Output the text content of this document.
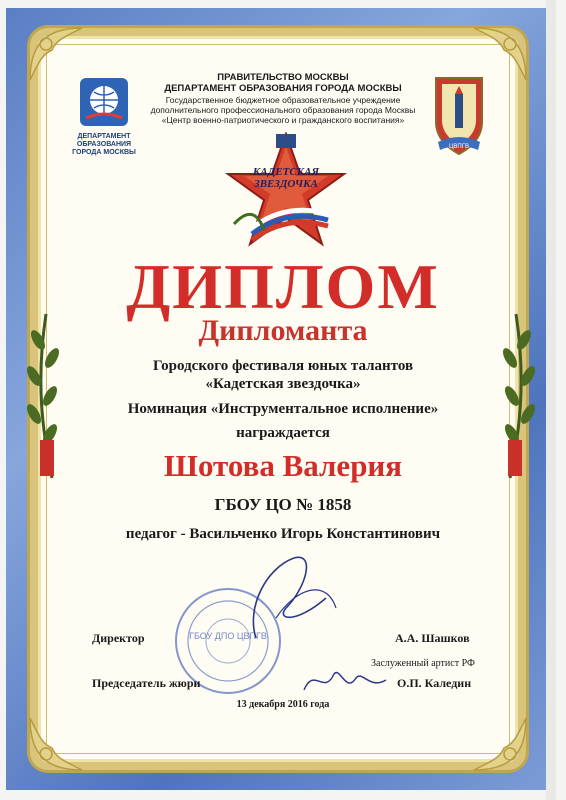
ПРАВИТЕЛЬСТВО МОСКВЫ
ДЕПАРТАМЕНТ ОБРАЗОВАНИЯ ГОРОДА МОСКВЫ
Государственное бюджетное образовательное учреждение
дополнительного профессионального образования города Москвы
«Центр военно-патриотического и гражданского воспитания»
ДЕПАРТАМЕНТ
ОБРАЗОВАНИЯ
ГОРОДА МОСКВЫ
ЦВПГВ
КАДЕТСКАЯ
ЗВЕЗДОЧКА
ДИПЛОМ
Дипломанта
Городского фестиваля юных талантов
«Кадетская звездочка»
Номинация «Инструментальное исполнение»
награждается
Шотова Валерия
ГБОУ ЦО № 1858
педагог - Васильченко Игорь Константинович
ГБОУ ДПО ЦВПГВ
Директор	А.А. Шашков
Заслуженный артист РФ
Председатель жюри	О.П. Каледин
13 декабря 2016 года
